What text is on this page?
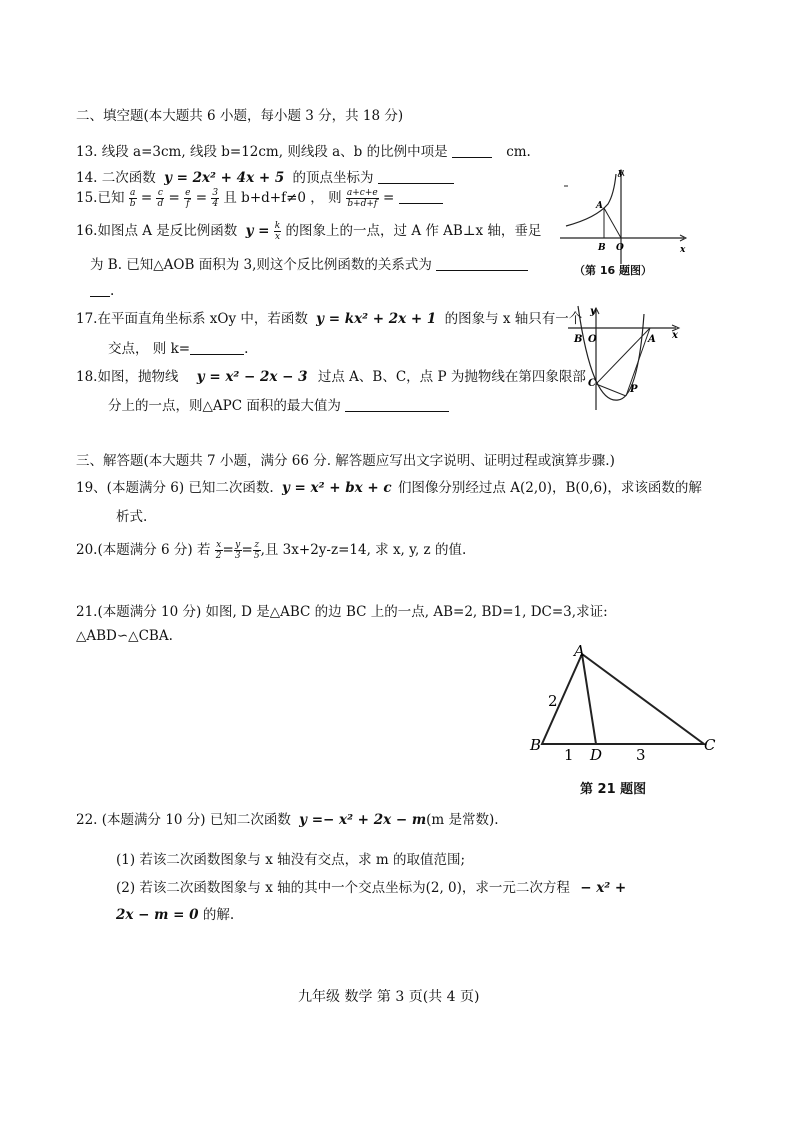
二、填空题(本大题共 6 小题，每小题 3 分，共 18 分)
13. 线段 a=3cm, 线段 b=12cm, 则线段 a、b 的比例中项是	cm.
14. 二次函数 y = 2x² + 4x + 5 的顶点坐标为
15.已知 $\frac{a}{b} = \frac{c}{d} = \frac{e}{f} = \frac{3}{4}$ 且 b+d+f≠0 ， 则 $\frac{a+c+e}{b+d+f}$ =
16.如图点 A 是反比例函数 $y = \frac{k}{x}$ 的图象上的一点，过 A 作 AB⊥x 轴，垂足
为 B. 已知△AOB 面积为 3,则这个反比例函数的关系式为
.
y
x
A
B O
（第 16 题图）
17.在平面直角坐标系 xOy 中，若函数 y = kx² + 2x + 1 的图象与 x 轴只有一个
交点， 则 k=	.
18.如图，抛物线 y = x² − 2x − 3 过点 A、B、C，点 P 为抛物线在第四象限部
分上的一点，则△APC 面积的最大值为
y
x
B O	A
C
P
三、解答题(本大题共 7 小题，满分 66 分. 解答题应写出文字说明、证明过程或演算步骤.)
19、(本题满分 6) 已知二次函数. y = x² + bx + c 们图像分别经过点 A(2,0)，B(0,6)，求该函数的解
析式.
20.(本题满分 6 分) 若 $\frac{x}{2} = \frac{y}{3} = \frac{z}{5}$ ,且 3x+2y-z=14, 求 x, y, z 的值.
21.(本题满分 10 分) 如图, D 是△ABC 的边 BC 上的一点, AB=2, BD=1, DC=3,求证:
△ABD∽△CBA.
A
B	C
D
2
1	3
第 21 题图
22. (本题满分 10 分) 已知二次函数 y =− x² + 2x − m(m 是常数).
(1) 若该二次函数图象与 x 轴没有交点，求 m 的取值范围;
(2) 若该二次函数图象与 x 轴的其中一个交点坐标为(2, 0)，求一元二次方程 − x² +
2x − m = 0 的解.
九年级 数学 第 3 页(共 4 页)
